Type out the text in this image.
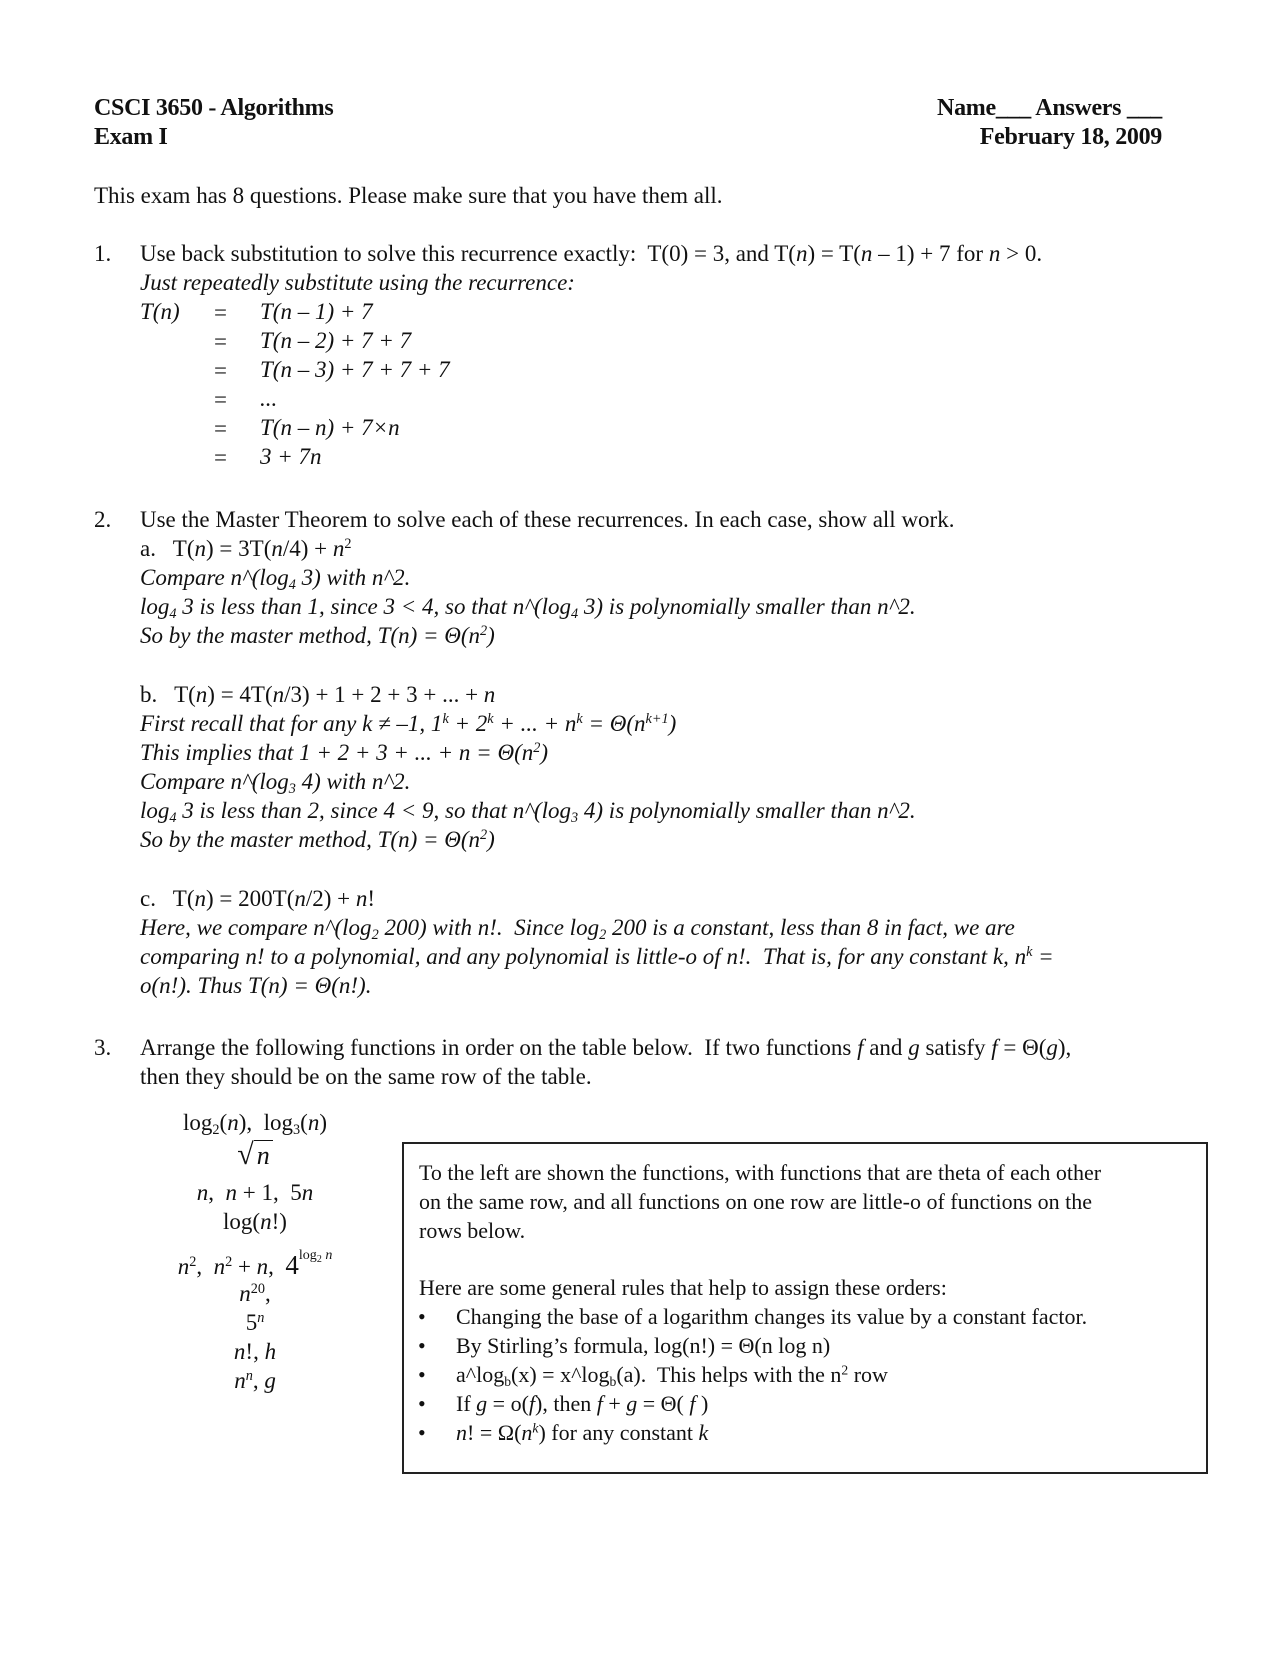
CSCI 3650 - Algorithms
Exam I
Name___ Answers ___
February 18, 2009
This exam has 8 questions. Please make sure that you have them all.
1. Use back substitution to solve this recurrence exactly:  T(0) = 3, and T(n) = T(n – 1) + 7 for n > 0.
Just repeatedly substitute using the recurrence:
T(n) = T(n – 1) + 7
= T(n – 2) + 7 + 7
= T(n – 3) + 7 + 7 + 7
= ...
= T(n – n) + 7×n
= 3 + 7n
2. Use the Master Theorem to solve each of these recurrences. In each case, show all work.
a.   $T(n) = 3T(n/4) + n^2$
Compare $n\^{}(\log_4$ 3) with n^2.
$\log_4 3$ is less than 1, since 3 < 4, so that $n\^{}(\log_4$ 3) is polynomially smaller than n^2.
So by the master method, $T(n) = \Theta(n^2)$
b.   T(n) = 4T(n/3) + 1 + 2 + 3 + ... + n
First recall that for any k ≠ –1, $1^k + 2^k$ + ... + $n^k = \Theta(n^{k+1})$
This implies that 1 + 2 + 3 + ... + $n = \Theta(n^2)$
Compare $n\^{}(\log_3$ 4) with n^2.
$\log_4 3$ is less than 2, since 4 < 9, so that $n\^{}(\log_3$ 4) is polynomially smaller than n^2.
So by the master method, $T(n) = \Theta(n^2)$
c.   T(n) = 200T(n/2) + n!
Here, we compare $n\^{}(\log_2$ 200) with n!.  Since $\log_2 200$ is a constant, less than 8 in fact, we are
comparing n! to a polynomial, and any polynomial is little-o of n!.  That is, for any constant k, $n^k$ =
o(n!). Thus T(n) = Θ(n!).
3. Arrange the following functions in order on the table below.  If two functions f and g satisfy f = Θ(g),
then they should be on the same row of the table.
$\log_2(n)$,  $\log_3(n)$
√ n
n,  n + 1,  5n
log(n!)
$n^2$,  $n^2 + n$,  $4^{log_2 n}$
$n^{20}$,
5$^n$
n!, h
$n^n$, g
To the left are shown the functions, with functions that are theta of each other
on the same row, and all functions on one row are little-o of functions on the
rows below.
Here are some general rules that help to assign these orders:
• Changing the base of a logarithm changes its value by a constant factor.
• By Stirling’s formula, log(n!) = Θ(n log n)
• $a\^{}\log_b(x)$ = $x\^{}\log_b(a)$.  This helps with the $n^2$ row
• If g = o(f), then f + g = Θ( f )
• n! = $\Omega(n^k)$ for any constant k
